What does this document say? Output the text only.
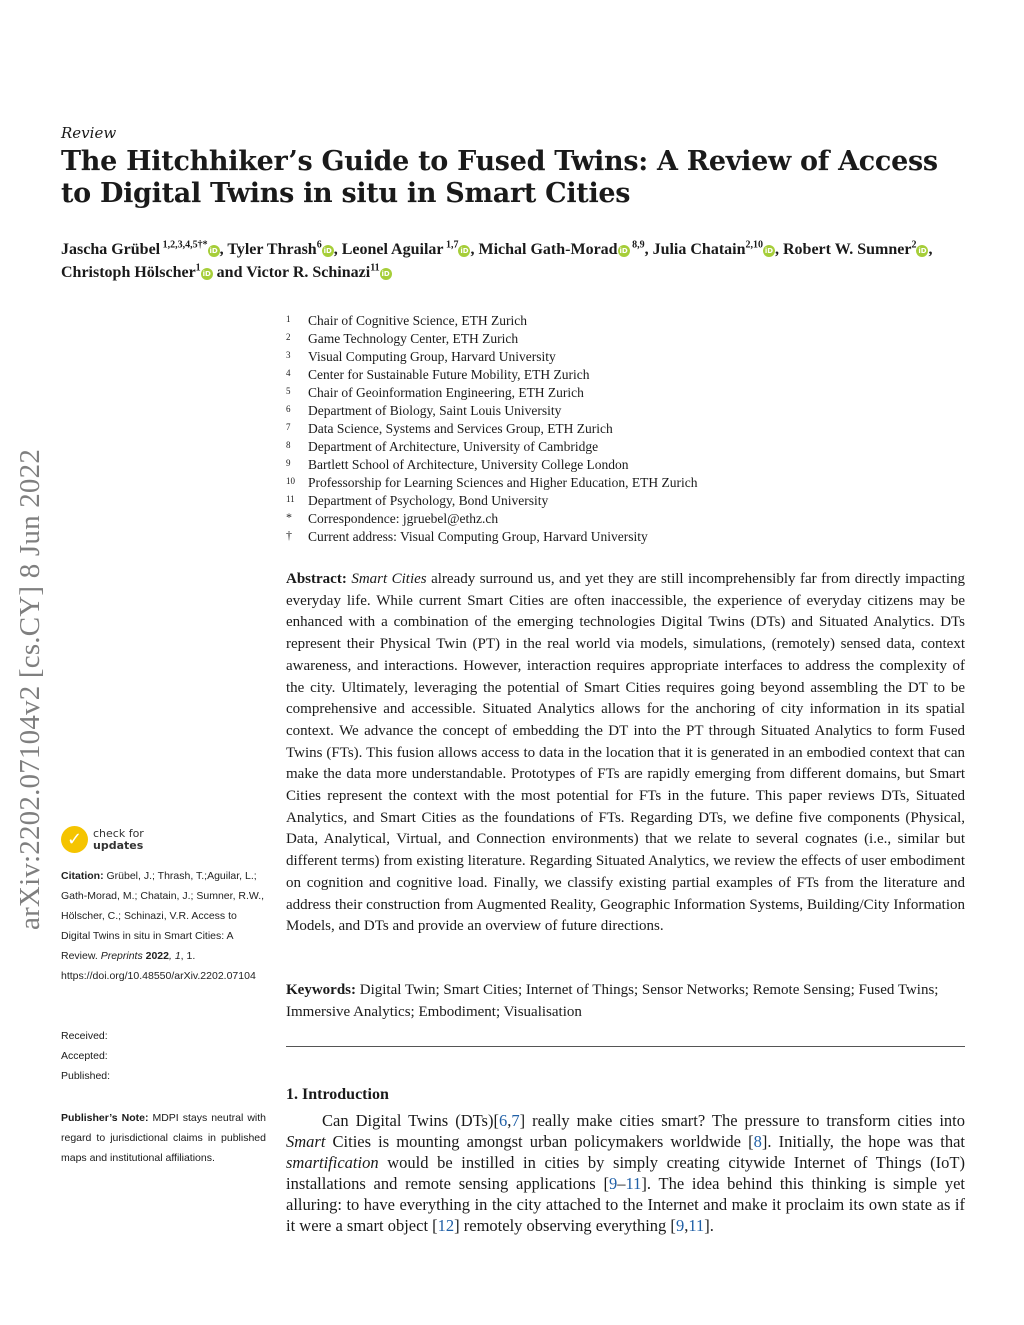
Review
The Hitchhiker’s Guide to Fused Twins: A Review of Access to Digital Twins in situ in Smart Cities
Jascha Grübel $^{1,2,3,4,5\dagger*}$iD , Tyler Thrash$^6$iD , Leonel Aguilar $^{1,7}$iD , Michal Gath-Morad iD $^{8,9}$, Julia Chatain$^{2,10}$iD , Robert W. Sumner$^2$iD , Christoph Hölscher$^1$iD and Victor R. Schinazi$^{11}$iD
1	Chair of Cognitive Science, ETH Zurich
2	Game Technology Center, ETH Zurich
3	Visual Computing Group, Harvard University
4	Center for Sustainable Future Mobility, ETH Zurich
5	Chair of Geoinformation Engineering, ETH Zurich
6	Department of Biology, Saint Louis University
7	Data Science, Systems and Services Group, ETH Zurich
8	Department of Architecture, University of Cambridge
9	Bartlett School of Architecture, University College London
10 Professorship for Learning Sciences and Higher Education, ETH Zurich
11 Department of Psychology, Bond University
*	Correspondence: jgruebel@ethz.ch
†	Current address: Visual Computing Group, Harvard University

Abstract: Smart Cities already surround us, and yet they are still incomprehensibly far from directly impacting everyday life. While current Smart Cities are often inaccessible, the experience of everyday citizens may be enhanced with a combination of the emerging technologies Digital Twins (DTs) and Situated Analytics. DTs represent their Physical Twin (PT) in the real world via models, simulations, (remotely) sensed data, context awareness, and interactions. However, interaction requires appropriate interfaces to address the complexity of the city. Ultimately, leveraging the potential of Smart Cities requires going beyond assembling the DT to be comprehensive and accessible. Situated Analytics allows for the anchoring of city information in its spatial context. We advance the concept of embedding the DT into the PT through Situated Analytics to form Fused Twins (FTs). This fusion allows access to data in the location that it is generated in an embodied context that can make the data more understandable. Prototypes of FTs are rapidly emerging from different domains, but Smart Cities represent the context with the most potential for FTs in the future. This paper reviews DTs, Situated Analytics, and Smart Cities as the foundations of FTs. Regarding DTs, we define five components (Physical, Data, Analytical, Virtual, and Connection environments) that we relate to several cognates (i.e., similar but different terms) from existing literature. Regarding Situated Analytics, we review the effects of user embodiment on cognition and cognitive load. Finally, we classify existing partial examples of FTs from the literature and address their construction from Augmented Reality, Geographic Information Systems, Building/City Information Models, and DTs and provide an overview of future directions.

Keywords: Digital Twin; Smart Cities; Internet of Things; Sensor Networks; Remote Sensing; Fused Twins; Immersive Analytics; Embodiment; Visualisation

1. Introduction

Can Digital Twins (DTs)[6,7] really make cities smart? The pressure to transform cities into Smart Cities is mounting amongst urban policymakers worldwide [8]. Initially, the hope was that smartification would be instilled in cities by simply creating citywide Internet of Things (IoT) installations and remote sensing applications [9–11]. The idea behind this thinking is simple yet alluring: to have everything in the city attached to the Internet and make it proclaim its own state as if it were a smart object [12] remotely observing everything [9,11].

arXiv:2202.07104v2 [cs.CY] 8 Jun 2022	✓ check for
updates
Citation: Grübel, J.; Thrash, T.;Aguilar, L.; Gath-Morad, M.; Chatain, J.; Sumner, R.W., Hölscher, C.; Schinazi, V.R. Access to Digital Twins in situ in Smart Cities: A Review. Preprints 2022, 1, 1.
https://doi.org/10.48550/arXiv.2202.07104
Received:
Accepted:
Published:
Publisher’s Note: MDPI stays neutral with regard to jurisdictional claims in published maps and institutional affiliations.
